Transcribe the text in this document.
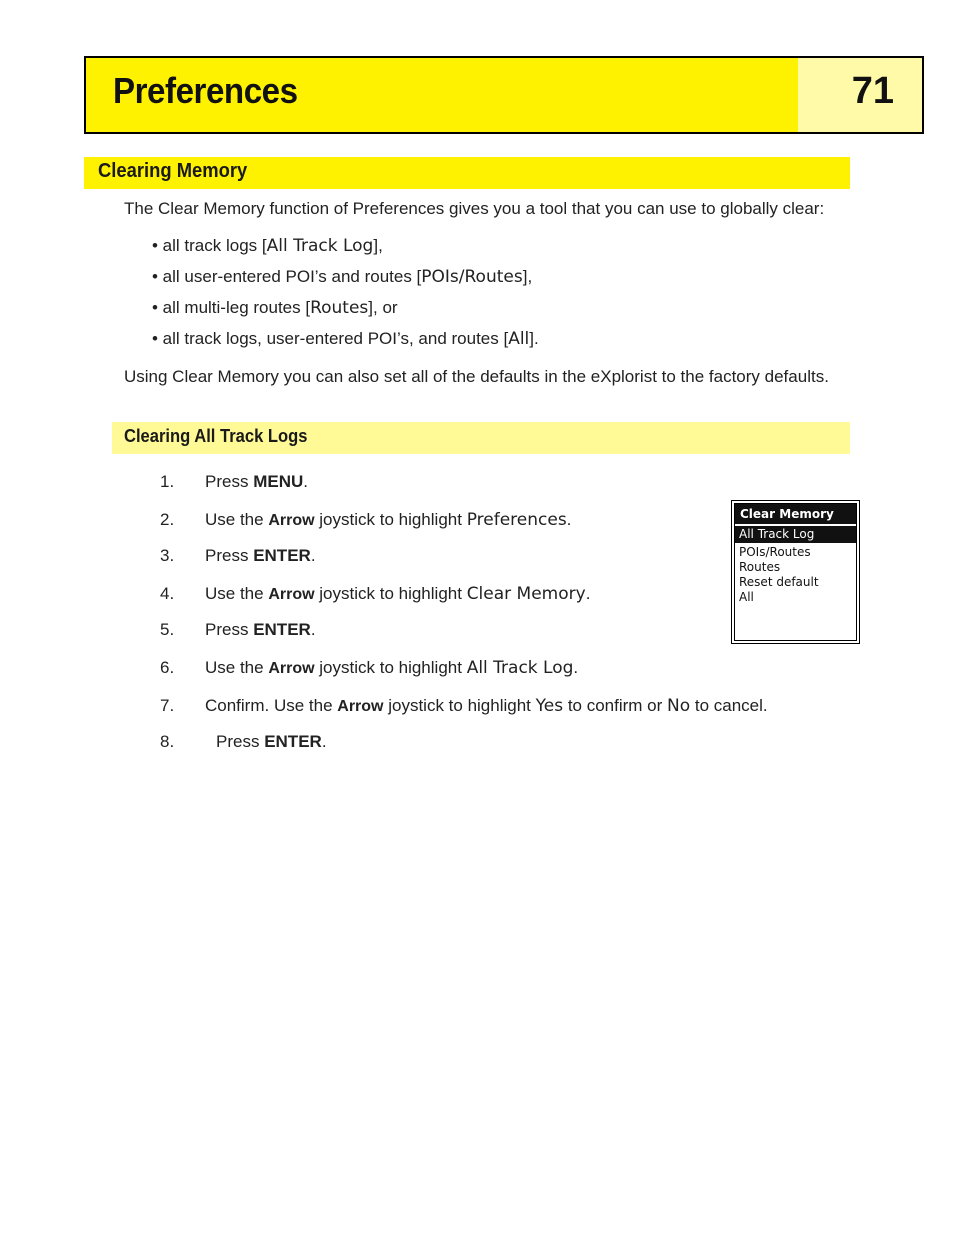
Preferences	71
Clearing Memory
The Clear Memory function of Preferences gives you a tool that you can use to globally clear:
• all track logs [All Track Log],
• all user-entered POI’s and routes [POIs/Routes],
• all multi-leg routes [Routes], or
• all track logs, user-entered POI’s, and routes [All].
Using Clear Memory you can also set all of the defaults in the eXplorist to the factory defaults.
Clearing All Track Logs
1. Press MENU.
2. Use the Arrow joystick to highlight Preferences.
3. Press ENTER.
4. Use the Arrow joystick to highlight Clear Memory.
5. Press ENTER.
6. Use the Arrow joystick to highlight All Track Log.
7. Confirm. Use the Arrow joystick to highlight Yes to confirm or No to cancel.
8. Press ENTER.
Clear Memory
All Track Log
POIs/Routes
Routes
Reset default
All
